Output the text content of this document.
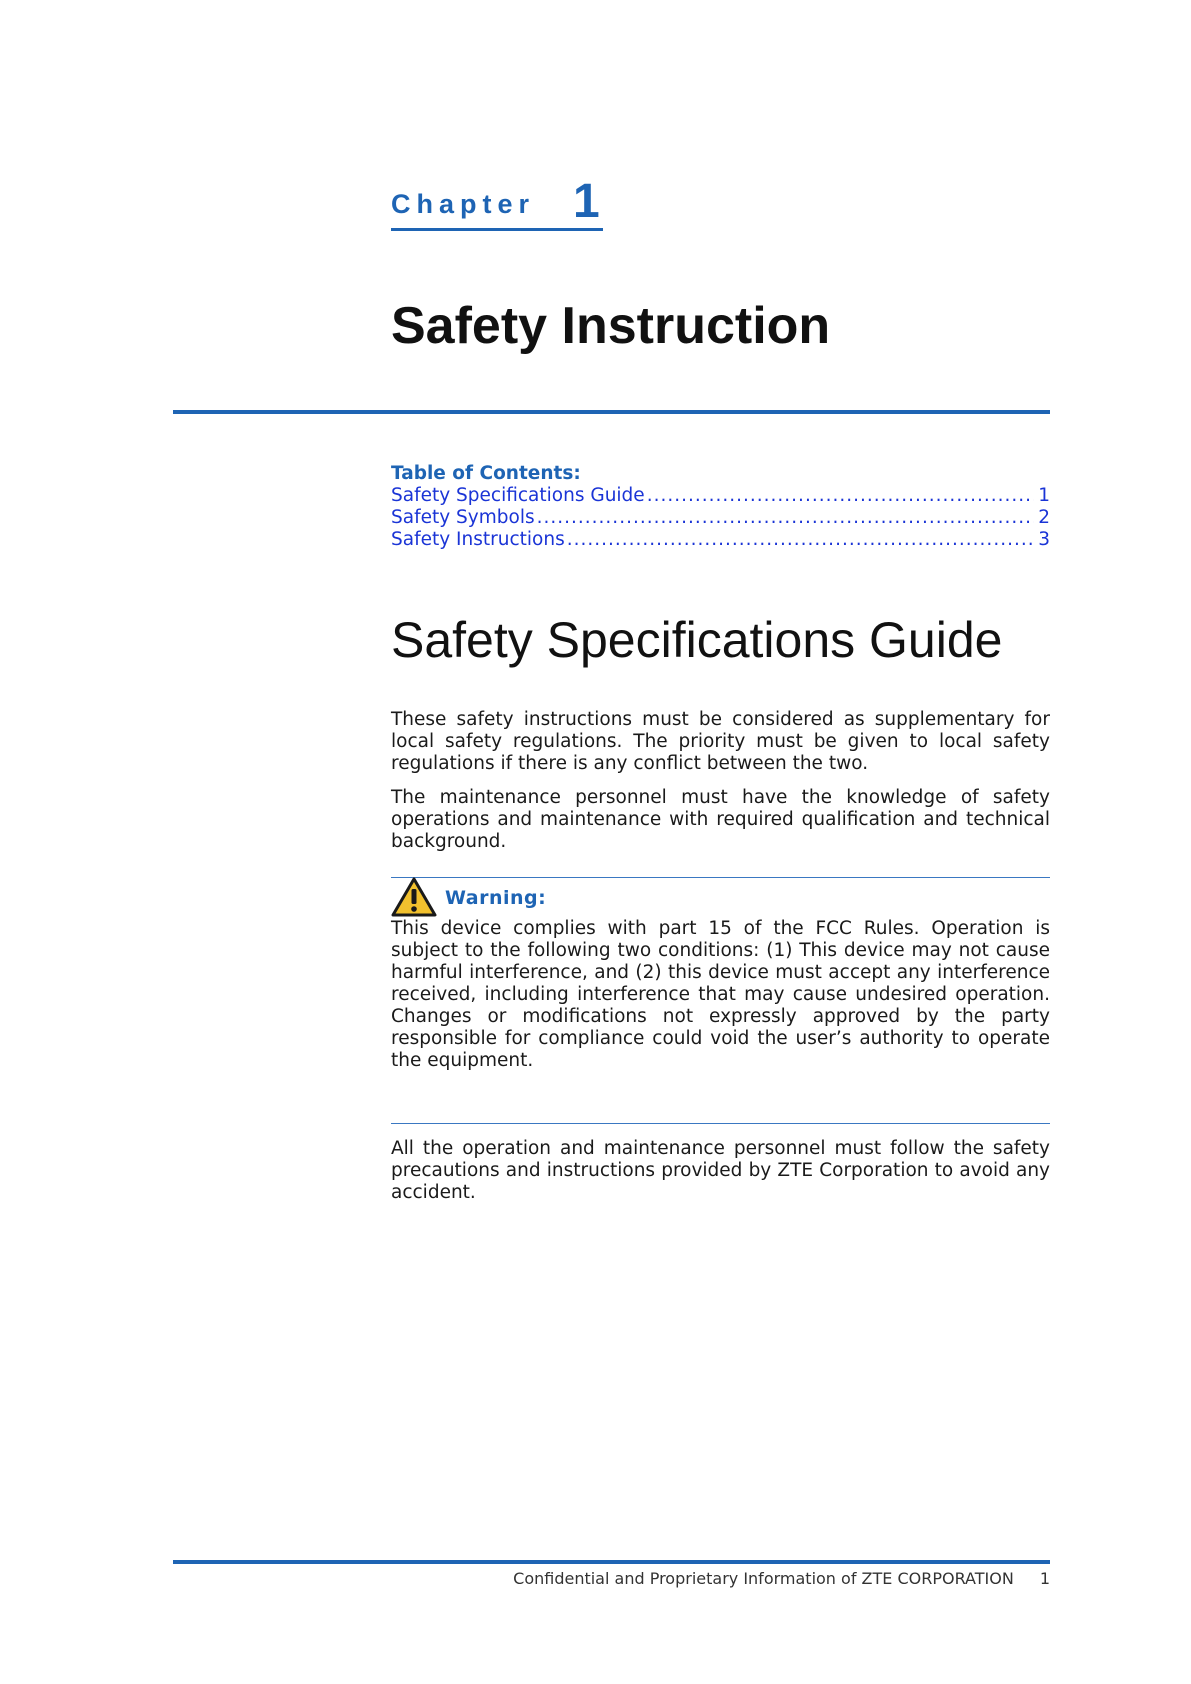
Chapter 1
Safety Instruction
Table of Contents:
Safety Specifications Guide .....	1
Safety Symbols .....	2
Safety Instructions .....	3
Safety Specifications Guide

These safety instructions must be considered as supplementary for local safety regulations. The priority must be given to local safety regulations if there is any conflict between the two.

The maintenance personnel must have the knowledge of safety operations and maintenance with required qualification and technical background.

Warning:

This device complies with part 15 of the FCC Rules. Operation is subject to the following two conditions: (1) This device may not cause harmful interference, and (2) this device must accept any interference received, including interference that may cause undesired operation. Changes or modifications not expressly approved by the party responsible for compliance could void the user’s authority to operate the equipment.

All the operation and maintenance personnel must follow the safety precautions and instructions provided by ZTE Corporation to avoid any accident.

Confidential and Proprietary Information of ZTE CORPORATION 1
